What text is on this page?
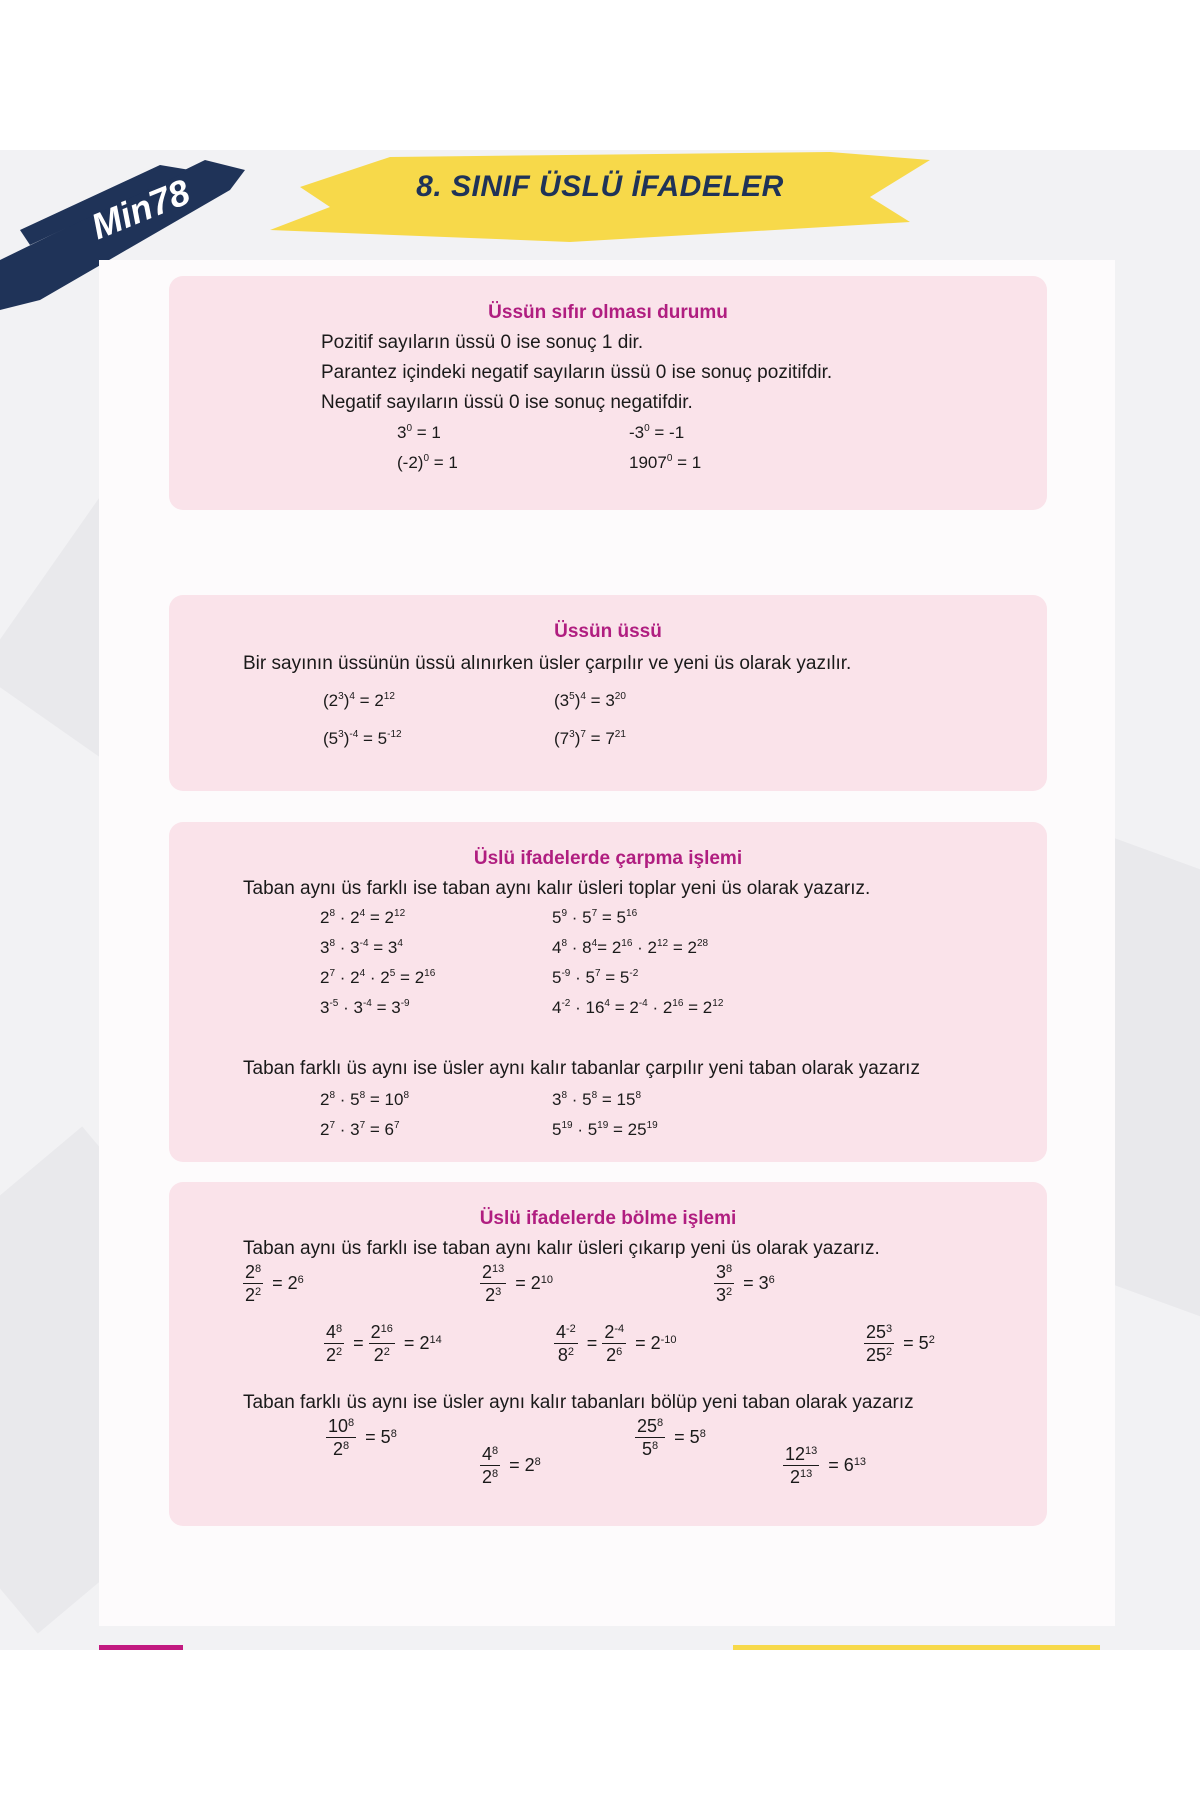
Min78	8. SINIF ÜSLÜ İFADELER
Üssün sıfır olması durumu
Pozitif sayıların üssü 0 ise sonuç 1 dir.
Parantez içindeki negatif sayıların üssü 0 ise sonuç pozitifdir.
Negatif sayıların üssü 0 ise sonuç negatifdir.
$3^0 = 1$	$-3^0 = -1$
$(-2)^0 = 1$	$1907^0 = 1$
Üssün üssü
Bir sayının üssünün üssü alınırken üsler çarpılır ve yeni üs olarak yazılır.
$(2^3)^4 = 2^{12}$	$(3^5)^4 = 3^{20}$
$(5^3)^{-4} = 5^{-12}$	$(7^3)^7 = 7^{21}$
Üslü ifadelerde çarpma işlemi
Taban aynı üs farklı ise taban aynı kalır üsleri toplar yeni üs olarak yazarız.
$2^8 \cdot 2^4 = 2^{12}$	$5^9 \cdot 5^7 = 5^{16}$
$3^8 \cdot 3^{-4} = 3^4$	$4^8 \cdot 8^4= 2^{16} \cdot 2^{12} = 2^{28}$
$2^7 \cdot 2^4 \cdot 2^5 = 2^{16}$	$5^{-9} \cdot 5^7 = 5^{-2}$
$3^{-5} \cdot 3^{-4} = 3^{-9}$	$4^{-2} \cdot 16^4 = 2^{-4} \cdot 2^{16} = 2^{12}$
Taban farklı üs aynı ise üsler aynı kalır tabanlar çarpılır yeni taban olarak yazarız
$2^8 \cdot 5^8 = 10^8$	$3^8 \cdot 5^8 = 15^8$
$2^7 \cdot 3^7 = 6^7$	$5^{19} \cdot 5^{19} = 25^{19}$
Üslü ifadelerde bölme işlemi
Taban aynı üs farklı ise taban aynı kalır üsleri çıkarıp yeni üs olarak yazarız.
$\frac{2^8}{2^2} = 2^6$	$\frac{2^{13}}{2^3} = 2^{10}$	$\frac{3^8}{3^2} = 3^6$
$\frac{4^8}{2^2} = \frac{2^{16}}{2^2} = 2^{14}$	$\frac{4^{-2}}{8^2} = \frac{2^{-4}}{2^6} = 2^{-10}$	$\frac{25^3}{25^2} = 5^2$
Taban farklı üs aynı ise üsler aynı kalır tabanları bölüp yeni taban olarak yazarız
$\frac{10^8}{2^8} = 5^8$	$\frac{25^8}{5^8} = 5^8$
$\frac{4^8}{2^8} = 2^8$	$\frac{12^{13}}{2^{13}} = 6^{13}$
